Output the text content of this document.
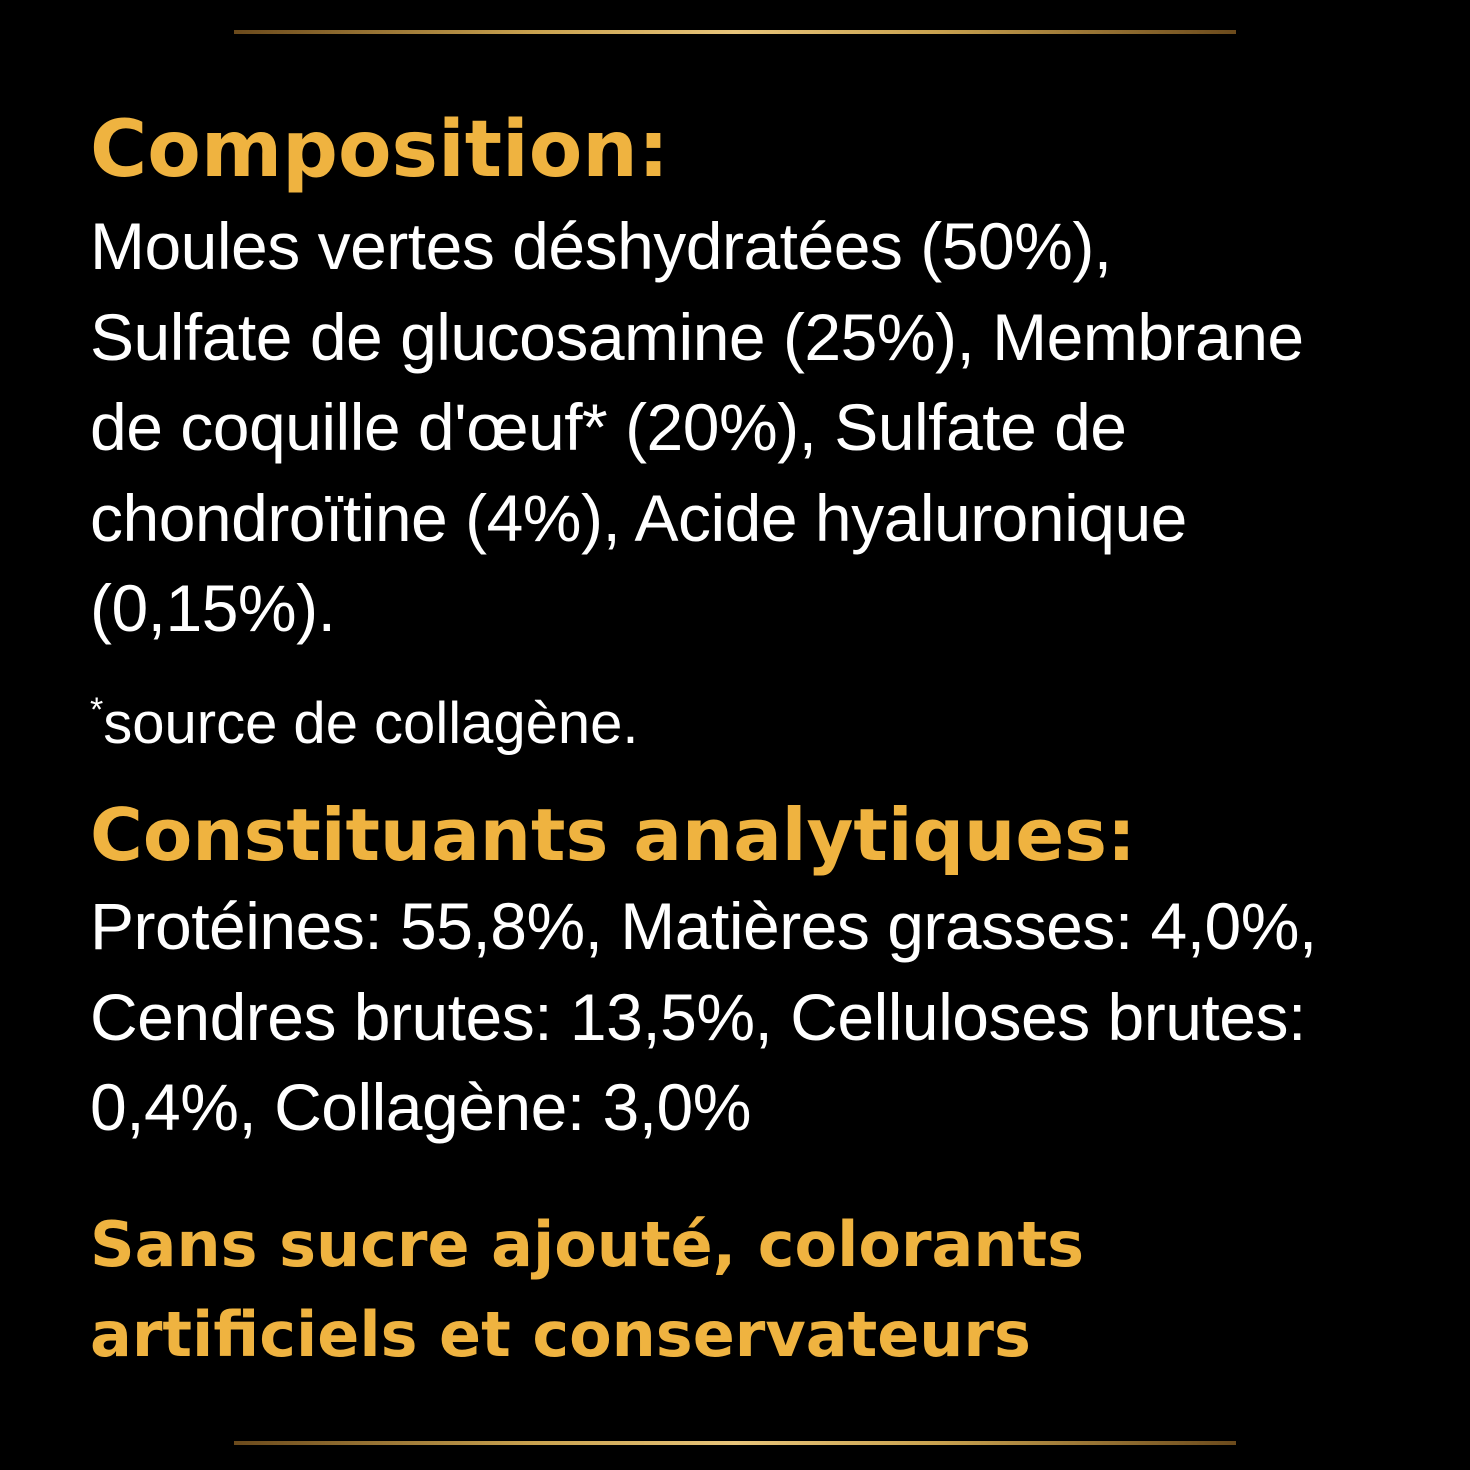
Composition:

Moules vertes déshydratées (50%),
Sulfate de glucosamine (25%), Membrane
de coquille d'œuf* (20%), Sulfate de
chondroïtine (4%), Acide hyaluronique
(0,15%).

*source de collagène.

Constituants analytiques:

Protéines: 55,8%, Matières grasses: 4,0%,
Cendres brutes: 13,5%, Celluloses brutes:
0,4%, Collagène: 3,0%

Sans sucre ajouté, colorants
artificiels et conservateurs
